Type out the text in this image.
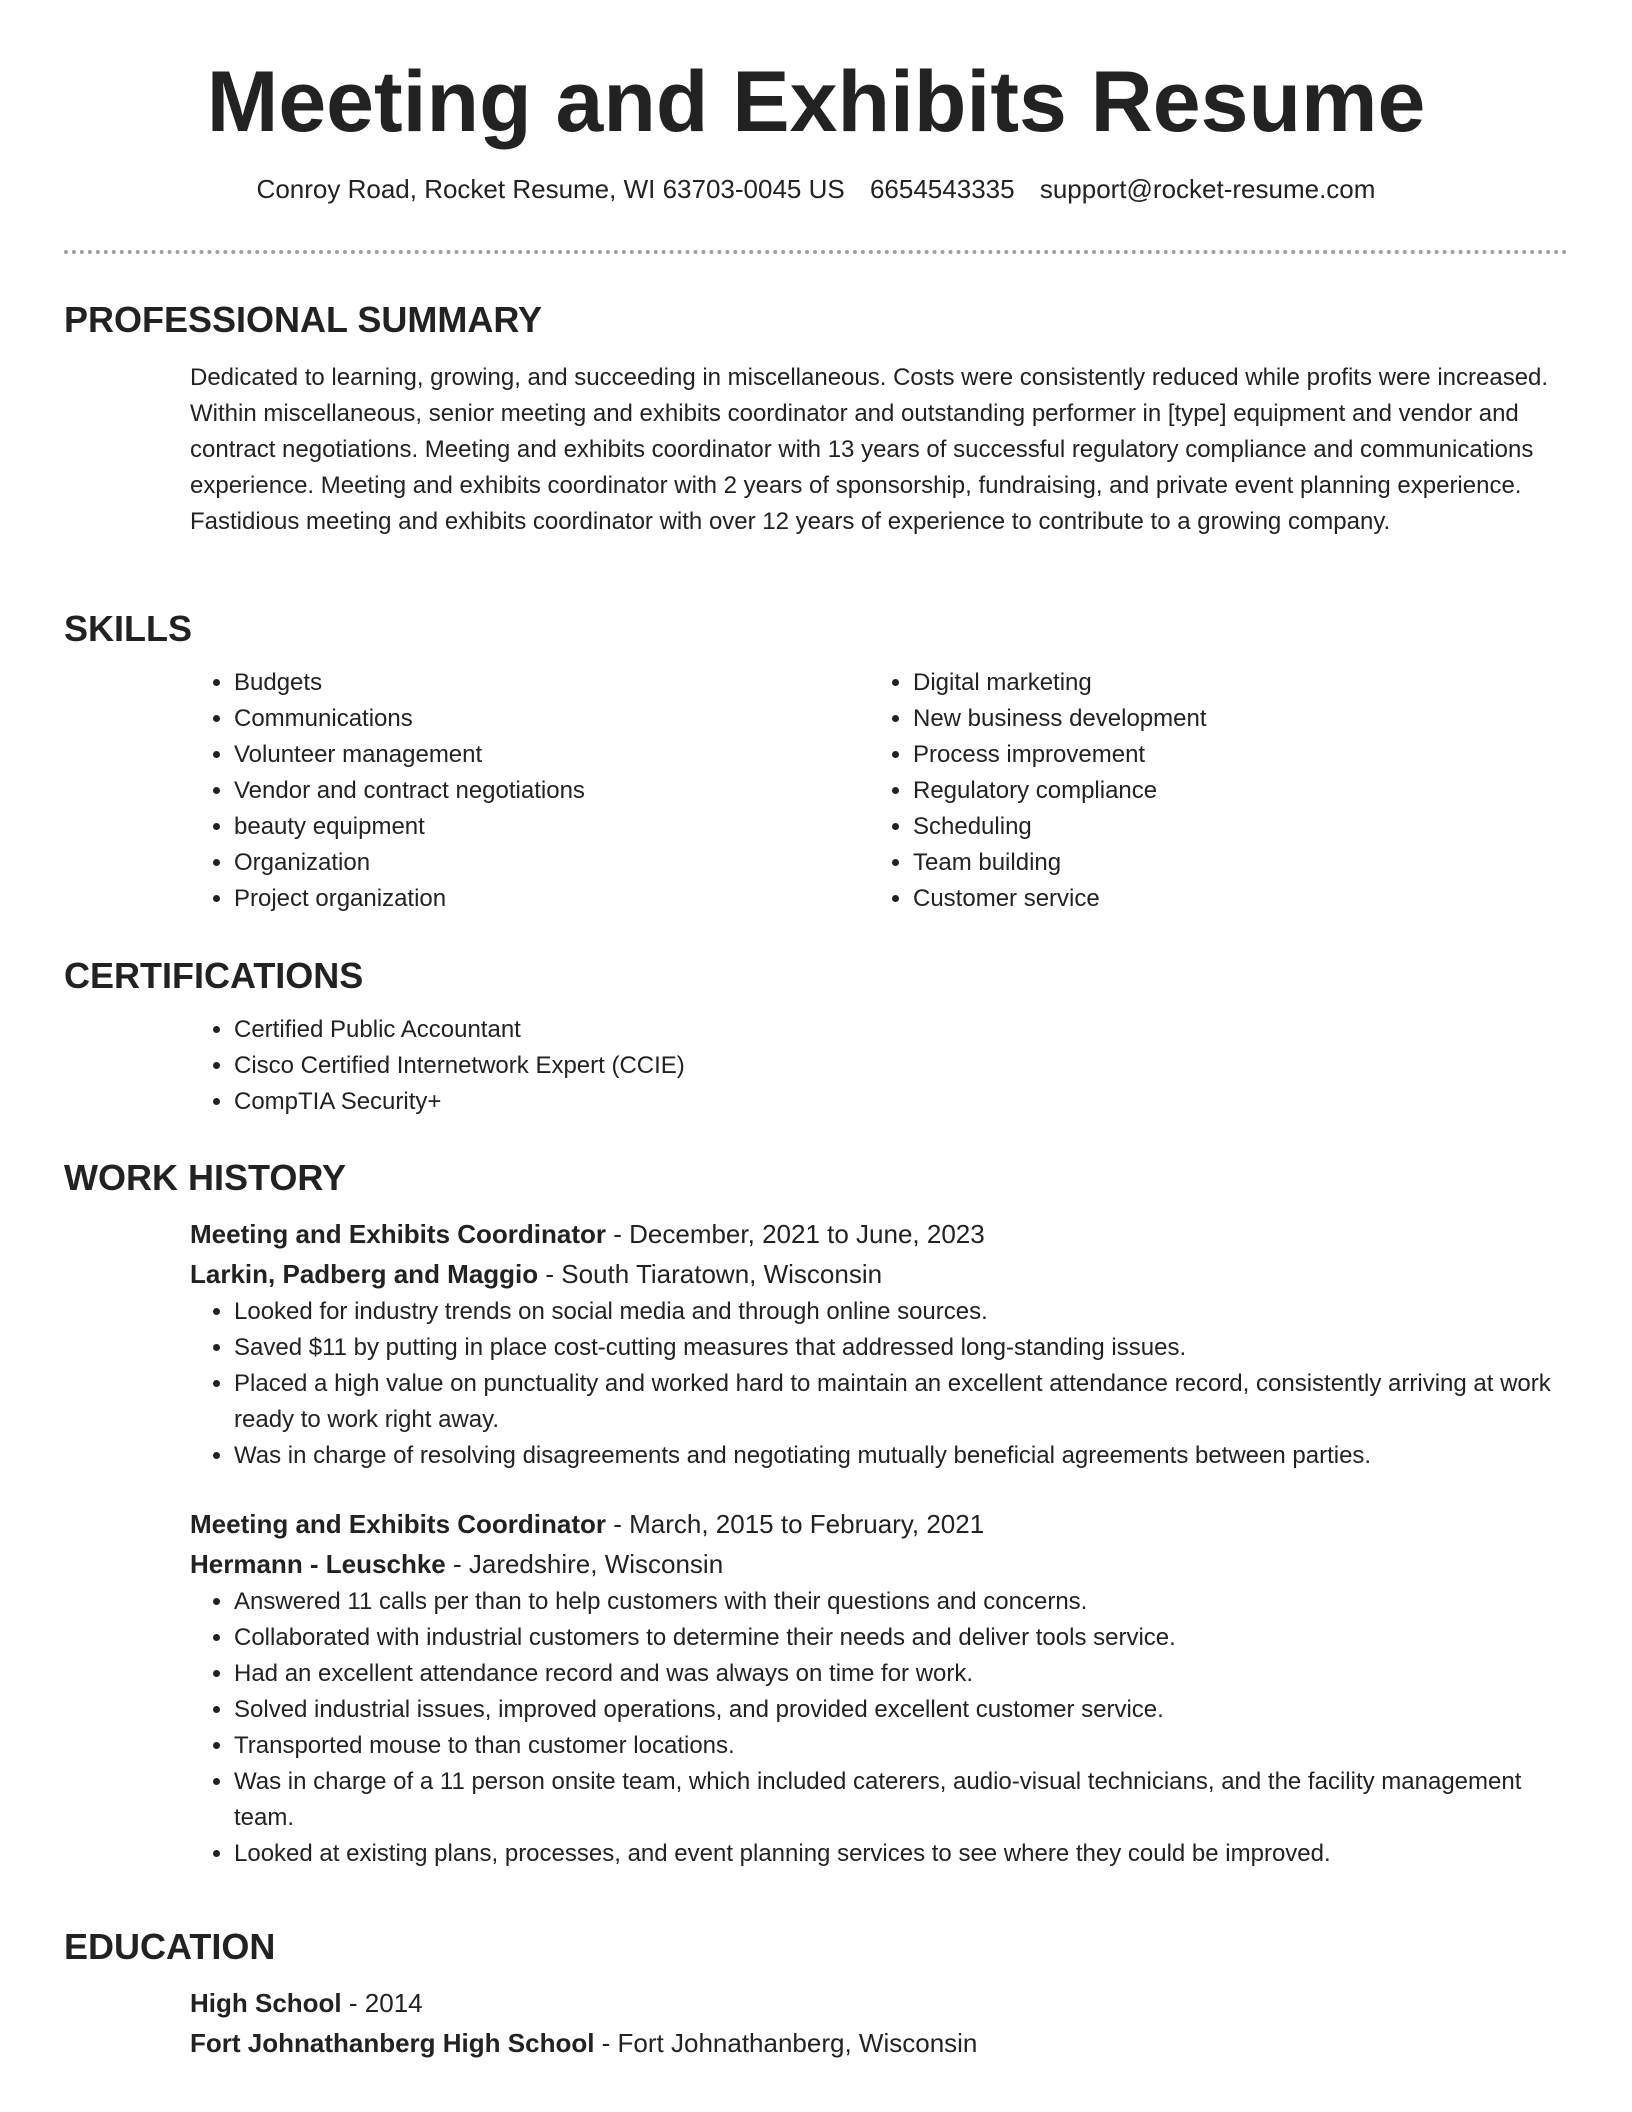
Meeting and Exhibits Resume
Conroy Road, Rocket Resume, WI 63703-0045 US 6654543335 support@rocket-resume.com
PROFESSIONAL SUMMARY
Dedicated to learning, growing, and succeeding in miscellaneous. Costs were consistently reduced while profits were increased. Within miscellaneous, senior meeting and exhibits coordinator and outstanding performer in [type] equipment and vendor and contract negotiations. Meeting and exhibits coordinator with 13 years of successful regulatory compliance and communications experience. Meeting and exhibits coordinator with 2 years of sponsorship, fundraising, and private event planning experience. Fastidious meeting and exhibits coordinator with over 12 years of experience to contribute to a growing company.
SKILLS
• Budgets
• Communications
• Volunteer management
• Vendor and contract negotiations
• beauty equipment
• Organization
• Project organization
• Digital marketing
• New business development
• Process improvement
• Regulatory compliance
• Scheduling
• Team building
• Customer service
CERTIFICATIONS
• Certified Public Accountant
• Cisco Certified Internetwork Expert (CCIE)
• CompTIA Security+
WORK HISTORY
Meeting and Exhibits Coordinator - December, 2021 to June, 2023
Larkin, Padberg and Maggio - South Tiaratown, Wisconsin
• Looked for industry trends on social media and through online sources.
• Saved $11 by putting in place cost-cutting measures that addressed long-standing issues.
• Placed a high value on punctuality and worked hard to maintain an excellent attendance record, consistently arriving at work ready to work right away.
• Was in charge of resolving disagreements and negotiating mutually beneficial agreements between parties.
Meeting and Exhibits Coordinator - March, 2015 to February, 2021
Hermann - Leuschke - Jaredshire, Wisconsin
• Answered 11 calls per than to help customers with their questions and concerns.
• Collaborated with industrial customers to determine their needs and deliver tools service.
• Had an excellent attendance record and was always on time for work.
• Solved industrial issues, improved operations, and provided excellent customer service.
• Transported mouse to than customer locations.
• Was in charge of a 11 person onsite team, which included caterers, audio-visual technicians, and the facility management team.
• Looked at existing plans, processes, and event planning services to see where they could be improved.
EDUCATION
High School - 2014
Fort Johnathanberg High School - Fort Johnathanberg, Wisconsin
